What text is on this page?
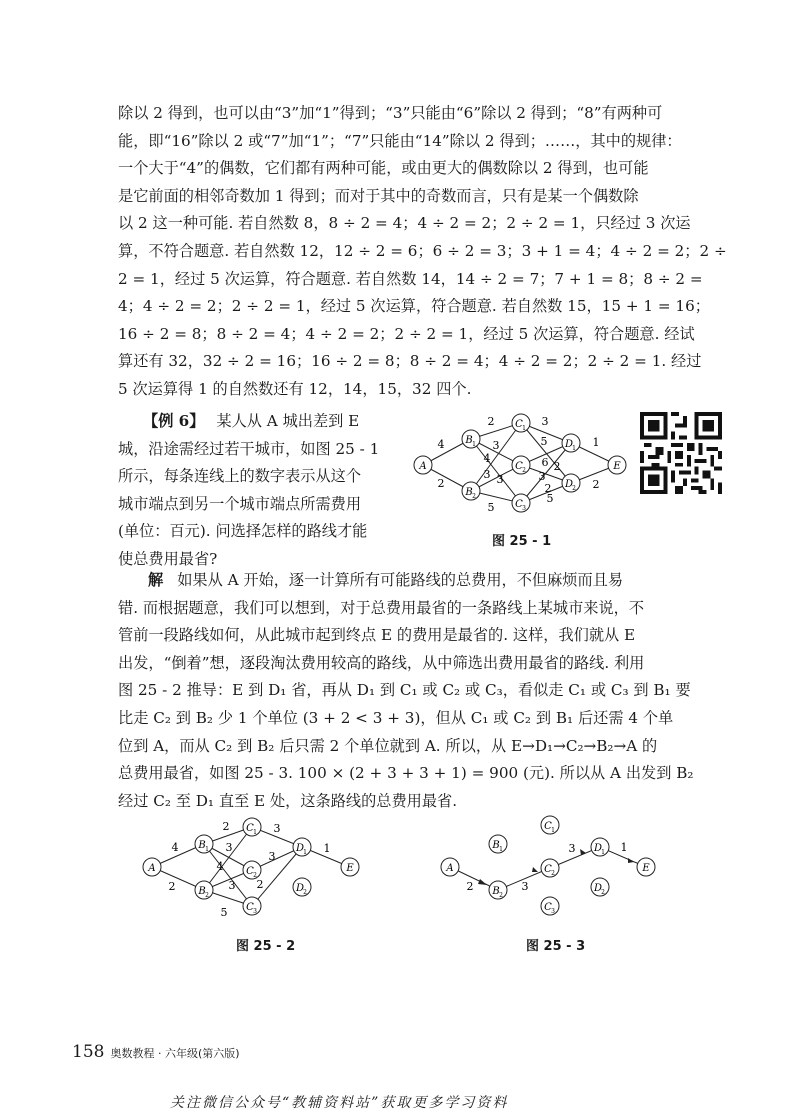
除以 2 得到，也可以由“3”加“1”得到；“3”只能由“6”除以 2 得到；“8”有两种可
能，即“16”除以 2 或“7”加“1”；“7”只能由“14”除以 2 得到；……，其中的规律：
一个大于“4”的偶数，它们都有两种可能，或由更大的偶数除以 2 得到，也可能
是它前面的相邻奇数加 1 得到；而对于其中的奇数而言，只有是某一个偶数除
以 2 这一种可能. 若自然数 8，8 ÷ 2 = 4；4 ÷ 2 = 2；2 ÷ 2 = 1，只经过 3 次运
算，不符合题意. 若自然数 12，12 ÷ 2 = 6；6 ÷ 2 = 3；3 + 1 = 4；4 ÷ 2 = 2；2 ÷
2 = 1，经过 5 次运算，符合题意. 若自然数 14，14 ÷ 2 = 7；7 + 1 = 8；8 ÷ 2 =
4；4 ÷ 2 = 2；2 ÷ 2 = 1，经过 5 次运算，符合题意. 若自然数 15，15 + 1 = 16；
16 ÷ 2 = 8；8 ÷ 2 = 4；4 ÷ 2 = 2；2 ÷ 2 = 1，经过 5 次运算，符合题意. 经试
算还有 32，32 ÷ 2 = 16；16 ÷ 2 = 8；8 ÷ 2 = 4；4 ÷ 2 = 2；2 ÷ 2 = 1. 经过
5 次运算得 1 的自然数还有 12，14，15，32 四个.
【例 6】 某人从 A 城出差到 E
城，沿途需经过若干城市，如图 25 - 1
所示，每条连线上的数字表示从这个
城市端点到另一个城市端点所需费用
(单位：百元). 问选择怎样的路线才能
使总费用最省?
A
B
B
C
C
C
D
D
E
1
2
1
2
3
1
2
4
2
2
3
3
4
3
5
3
5
6
3
5
2
1
2
2
图 25 - 1
解 如果从 A 开始，逐一计算所有可能路线的总费用，不但麻烦而且易
错. 而根据题意，我们可以想到，对于总费用最省的一条路线上某城市来说，不
管前一段路线如何，从此城市起到终点 E 的费用是最省的. 这样，我们就从 E
出发，“倒着”想，逐段淘汰费用较高的路线，从中筛选出费用最省的路线. 利用
图 25 - 2 推导：E 到 D₁ 省，再从 D₁ 到 C₁ 或 C₂ 或 C₃，看似走 C₁ 或 C₃ 到 B₁ 要
比走 C₂ 到 B₂ 少 1 个单位 (3 + 2 < 3 + 3)，但从 C₁ 或 C₂ 到 B₁ 后还需 4 个单
位到 A，而从 C₂ 到 B₂ 后只需 2 个单位就到 A. 所以，从 E→D₁→C₂→B₂→A 的
总费用最省，如图 25 - 3. 100 × (2 + 3 + 3 + 1) = 900 (元). 所以从 A 出发到 B₂
经过 C₂ 至 D₁ 直至 E 处，这条路线的总费用最省.
A
B
B
C
C
C
D
D
E
1
2
1
2
3
1
2
4
2
2
3
4
3
5
3
3
2
1
图 25 - 2
A
B
B
C
C
C
D
D
E
1
2
1
2
3
1
2
2	3
3	1
图 25 - 3
158 奥数教程 · 六年级(第六版)
关注微信公众号“教辅资料站”获取更多学习资料
